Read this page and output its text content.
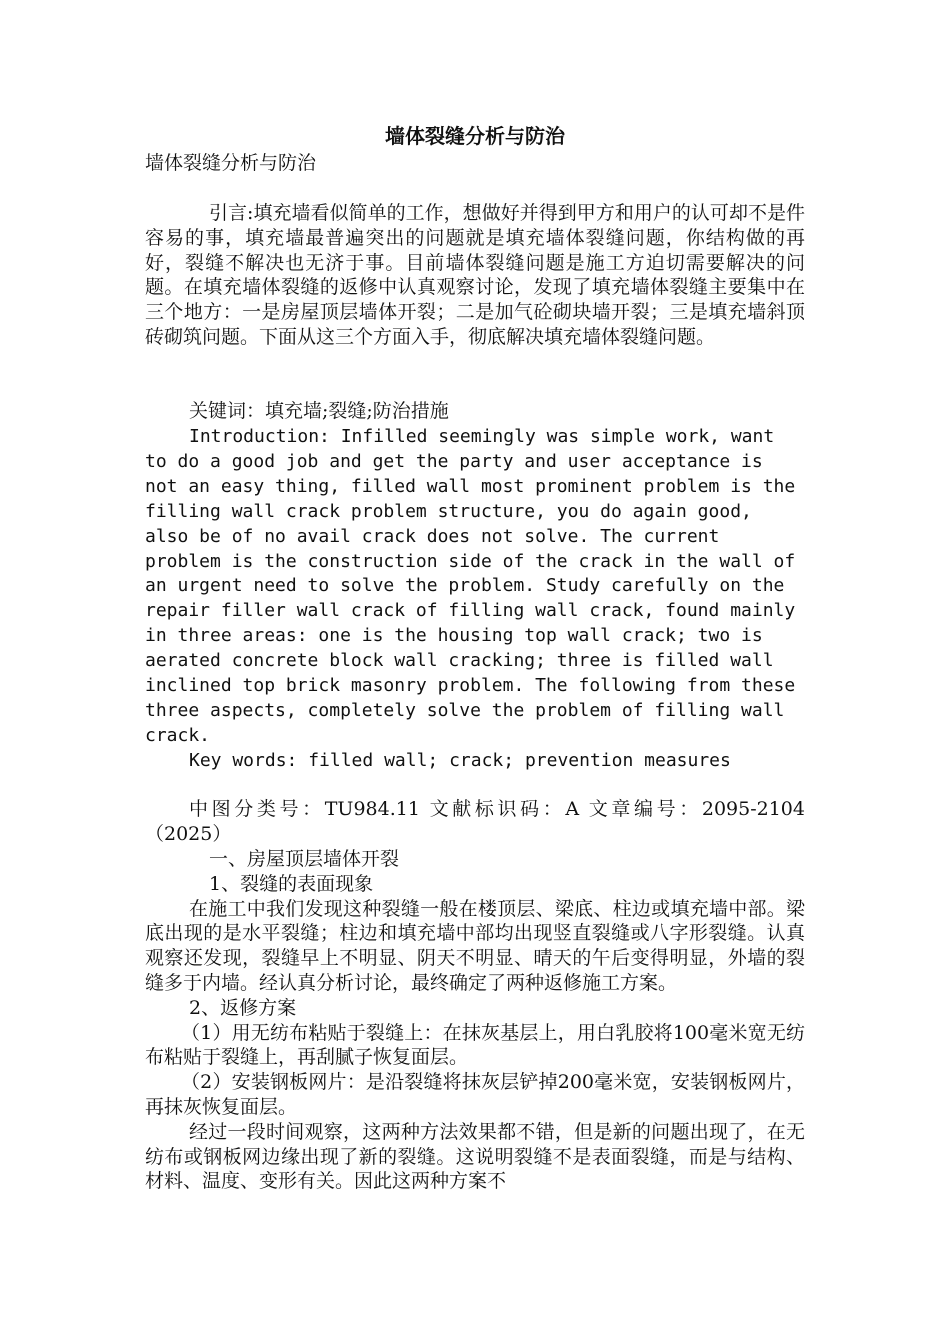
墙体裂缝分析与防治
墙体裂缝分析与防治

引言:填充墙看似简单的工作，想做好并得到甲方和用户的认可却不是件容易的事，填充墙最普遍突出的问题就是填充墙体裂缝问题，你结构做的再好，裂缝不解决也无济于事。目前墙体裂缝问题是施工方迫切需要解决的问题。在填充墙体裂缝的返修中认真观察讨论，发现了填充墙体裂缝主要集中在三个地方：一是房屋顶层墙体开裂；二是加气砼砌块墙开裂；三是填充墙斜顶砖砌筑问题。下面从这三个方面入手，彻底解决填充墙体裂缝问题。

关键词：填充墙;裂缝;防治措施

Introduction: Infilled seemingly was simple work, want to do a good job and get the party and user acceptance is not an easy thing, filled wall most prominent problem is the filling wall crack problem structure, you do again good, also be of no avail crack does not solve. The current problem is the construction side of the crack in the wall of an urgent need to solve the problem. Study carefully on the repair filler wall crack of filling wall crack, found mainly in three areas: one is the housing top wall crack; two is aerated concrete block wall cracking; three is filled wall inclined top brick masonry problem. The following from these three aspects, completely solve the problem of filling wall crack.

Key words: filled wall; crack; prevention measures

中图分类号：TU984.11 文献标识码：A 文章编号：2095-2104（2025）

一、房屋顶层墙体开裂

1、裂缝的表面现象

在施工中我们发现这种裂缝一般在楼顶层、梁底、柱边或填充墙中部。梁底出现的是水平裂缝；柱边和填充墙中部均出现竖直裂缝或八字形裂缝。认真观察还发现，裂缝早上不明显、阴天不明显、晴天的午后变得明显，外墙的裂缝多于内墙。经认真分析讨论，最终确定了两种返修施工方案。

2、返修方案

（1）用无纺布粘贴于裂缝上：在抹灰基层上，用白乳胶将100毫米宽无纺布粘贴于裂缝上，再刮腻子恢复面层。

（2）安装钢板网片：是沿裂缝将抹灰层铲掉200毫米宽，安装钢板网片，再抹灰恢复面层。

经过一段时间观察，这两种方法效果都不错，但是新的问题出现了，在无纺布或钢板网边缘出现了新的裂缝。这说明裂缝不是表面裂缝，而是与结构、材料、温度、变形有关。因此这两种方案不
